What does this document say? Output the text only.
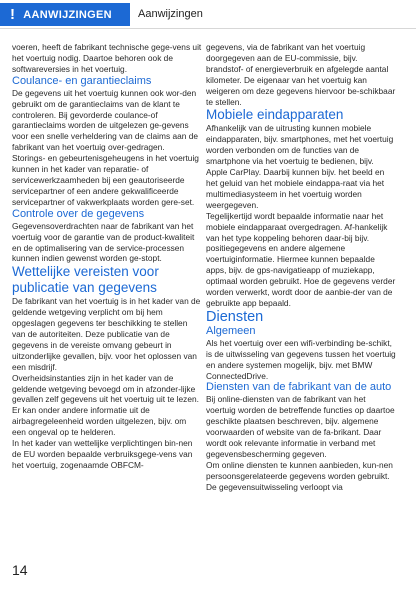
! AANWIJZINGEN Aanwijzingen
voeren, heeft de fabrikant technische gege-vens uit het voertuig nodig. Daartoe behoren ook de softwareversies in het voertuig.
Coulance- en garantieclaims
De gegevens uit het voertuig kunnen ook wor-den gebruikt om de garantieclaims van de klant te controleren. Bij gevorderde coulance-of garantieclaims worden de uitgelezen ge-gevens voor een snelle verheldering van de claims aan de fabrikant van het voertuig over-gedragen.
Storings- en gebeurtenisgeheugens in het voertuig kunnen in het kader van reparatie- of servicewerkzaamheden bij een geautoriseerde servicepartner of een andere gekwalificeerde servicepartner of vakwerkplaats worden gere-set.
Controle over de gegevens
Gegevensoverdrachten naar de fabrikant van het voertuig voor de garantie van de product-kwaliteit en de optimalisering van de service-processen kunnen indien gewenst worden ge-stopt.
Wettelijke vereisten voor publicatie van gegevens
De fabrikant van het voertuig is in het kader van de geldende wetgeving verplicht om bij hem opgeslagen gegevens ter beschikking te stellen van de autoriteiten. Deze publicatie van de gegevens in de vereiste omvang gebeurt in uitzonderlijke gevallen, bijv. voor het oplossen van een misdrijf.
Overheidsinstanties zijn in het kader van de geldende wetgeving bevoegd om in afzonder-lijke gevallen zelf gegevens uit het voertuig uit te lezen. Er kan onder andere informatie uit de airbagregeleenheid worden uitgelezen, bijv. om een ongeval op te helderen.
In het kader van wettelijke verplichtingen bin-nen de EU worden bepaalde verbruiksgege-vens van het voertuig, zogenaamde OBFCM-
gegevens, via de fabrikant van het voertuig doorgegeven aan de EU-commissie, bijv. brandstof- of energieverbruik en afgelegde aantal kilometer. De eigenaar van het voertuig kan weigeren om deze gegevens hiervoor be-schikbaar te stellen.
Mobiele eindapparaten
Afhankelijk van de uitrusting kunnen mobiele eindapparaten, bijv. smartphones, met het voertuig worden verbonden om de functies van de smartphone via het voertuig te bedienen, bijv. Apple CarPlay. Daarbij kunnen bijv. het beeld en het geluid van het mobiele eindappa-raat via het multimediasysteem in het voertuig worden weergegeven.
Tegelijkertijd wordt bepaalde informatie naar het mobiele eindapparaat overgedragen. Af-hankelijk van het type koppeling behoren daar-bij bijv. positiegegevens en andere algemene voertuiginformatie. Hiermee kunnen bepaalde apps, bijv. de gps-navigatieapp of muziekapp, optimaal worden gebruikt. Hoe de gegevens verder worden verwerkt, wordt door de aanbie-der van de gebruikte app bepaald.
Diensten
Algemeen
Als het voertuig over een wifi-verbinding be-schikt, is de uitwisseling van gegevens tussen het voertuig en andere systemen mogelijk, bijv. met BMW ConnectedDrive.
Diensten van de fabrikant van de auto
Bij online-diensten van de fabrikant van het voertuig worden de betreffende functies op daartoe geschikte plaatsen beschreven, bijv. algemene voorwaarden of website van de fa-brikant. Daar wordt ook relevante informatie in verband met gegevensbescherming gegeven.
Om online diensten te kunnen aanbieden, kun-nen persoonsgerelateerde gegevens worden gebruikt. De gegevensuitwisseling verloopt via
14
